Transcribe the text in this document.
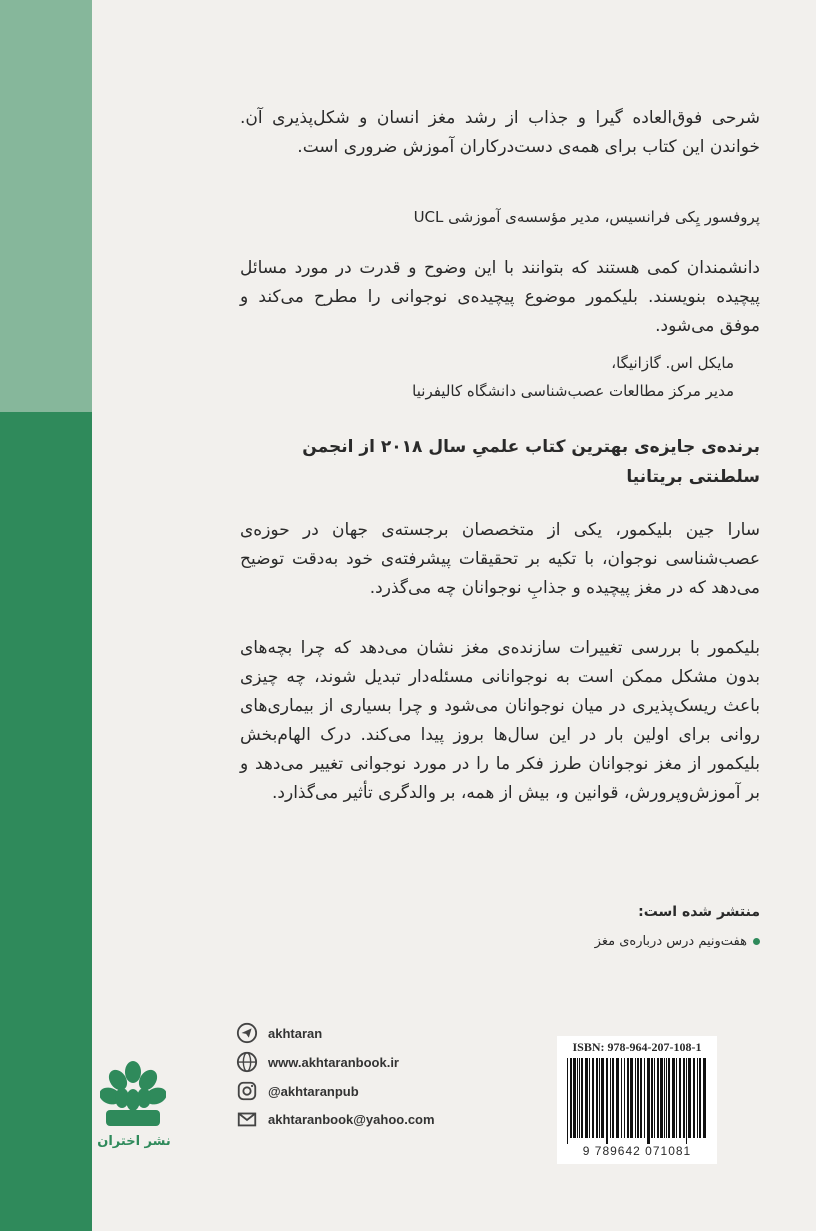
شرحی فوق‌العاده گیرا و جذاب از رشد مغز انسان و شکل‌پذیری آن. خواندن این کتاب برای همه‌ی دست‌درکاران آموزش ضروری است.

پروفسور یِکی فرانسیس، مدیر مؤسسه‌ی آموزشی UCL

دانشمندان کمی هستند که بتوانند با این وضوح و قدرت در مورد مسائل پیچیده بنویسند. بلیکمور موضوع پیچیده‌ی نوجوانی را مطرح می‌کند و موفق می‌شود.

مایکل اس. گازانیگا،

مدیر مرکز مطالعات عصب‌شناسی دانشگاه کالیفرنیا

برنده‌ی جایزه‌ی بهترین کتاب علمیِ سال ۲۰۱۸ از انجمن سلطنتی بریتانیا

سارا جین بلیکمور، یکی از متخصصان برجسته‌ی جهان در حوزه‌ی عصب‌شناسی نوجوان، با تکیه بر تحقیقات پیشرفته‌ی خود به‌دقت توضیح می‌دهد که در مغز پیچیده و جذابِ نوجوانان چه می‌گذرد.

بلیکمور با بررسی تغییرات سازنده‌ی مغز نشان می‌دهد که چرا بچه‌های بدون مشکل ممکن است به نوجوانانی مسئله‌دار تبدیل شوند، چه چیزی باعث ریسک‌پذیری در میان نوجوانان می‌شود و چرا بسیاری از بیماری‌های روانی برای اولین بار در این سال‌ها بروز پیدا می‌کند. درک الهام‌بخش بلیکمور از مغز نوجوانان طرز فکر ما را در مورد نوجوانی تغییر می‌دهد و بر آموزش‌وپرورش، قوانین و، بیش از همه، بر والدگری تأثیر می‌گذارد.

منتشر شده است:

هفت‌ونیم درس درباره‌ی مغز

akhtaran
www.akhtaranbook.ir
@akhtaranpub
akhtaranbook@yahoo.com

نشر اختران

ISBN: 978-964-207-108-1

9 789642 071081
